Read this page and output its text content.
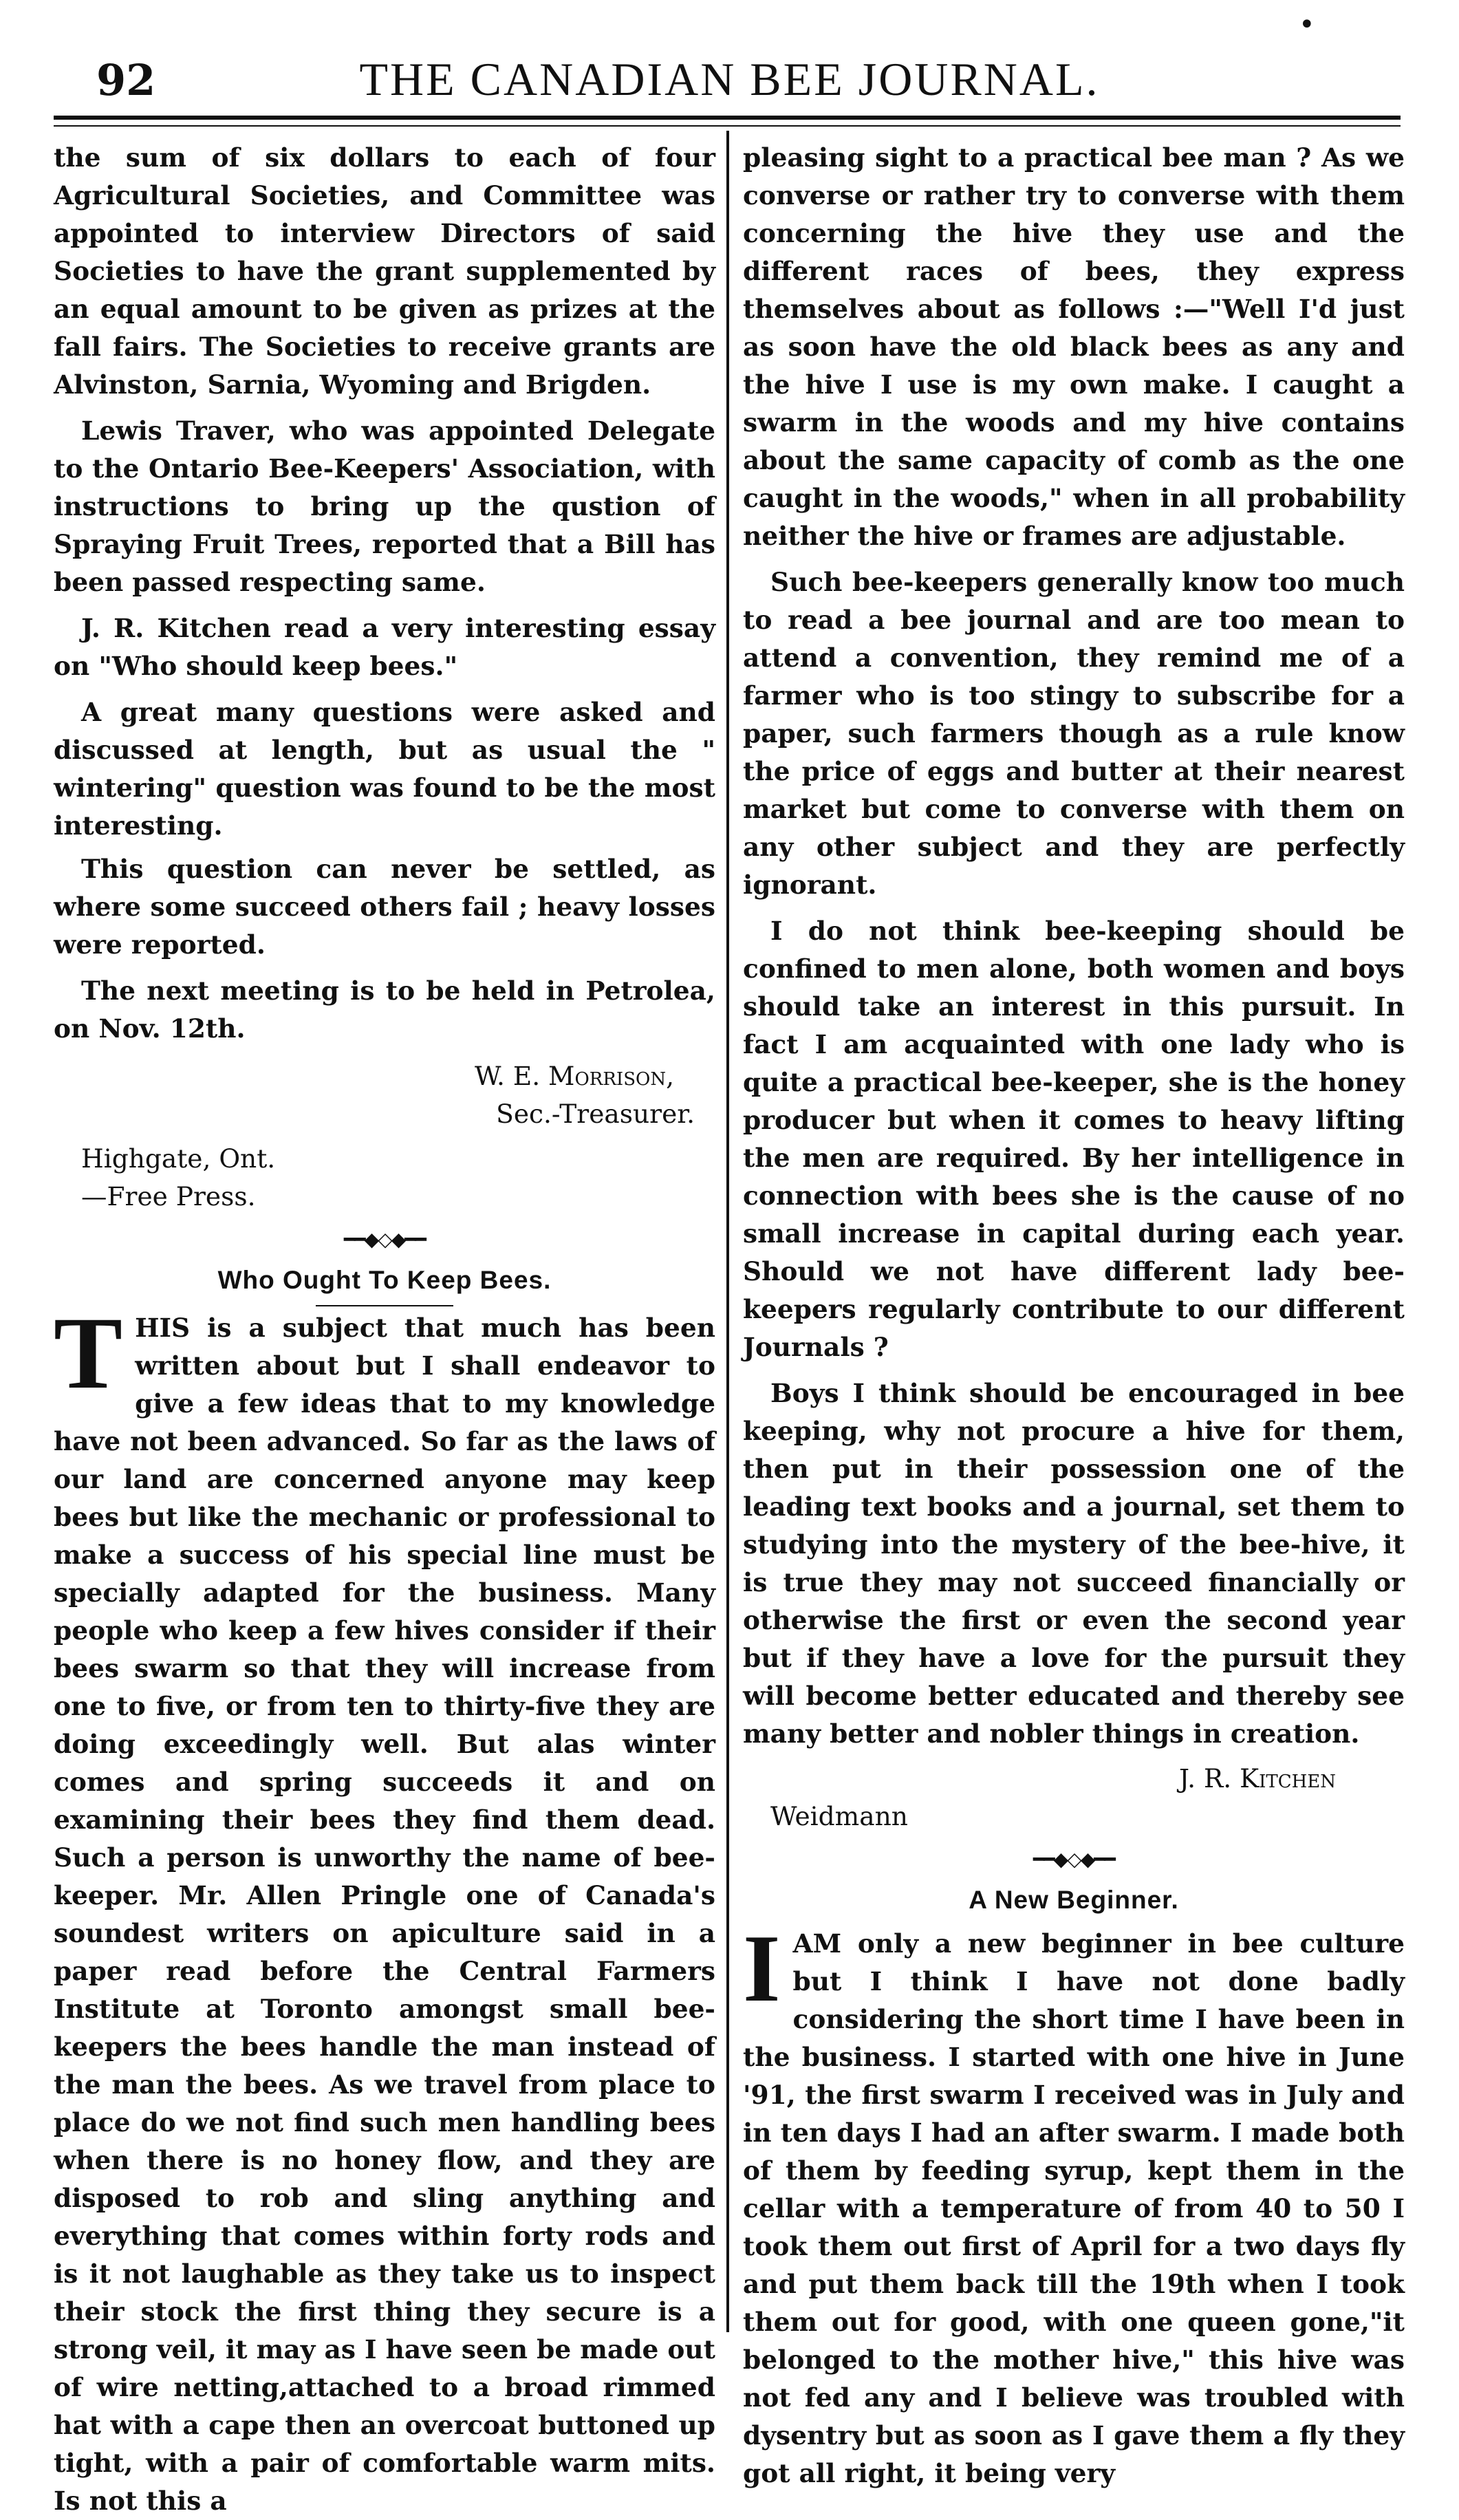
•
92	THE CANADIAN BEE JOURNAL.

the sum of six dollars to each of four Agricultural Societies, and Committee was appointed to interview Directors of said Societies to have the grant supplemented by an equal amount to be given as prizes at the fall fairs. The Societies to receive grants are Alvinston, Sarnia, Wyoming and Brigden.

Lewis Traver, who was appointed Delegate to the Ontario Bee-Keepers' Association, with instructions to bring up the qustion of Spraying Fruit Trees, reported that a Bill has been passed respecting same.

J. R. Kitchen read a very interesting essay on "Who should keep bees."

A great many questions were asked and discussed at length, but as usual the " wintering" question was found to be the most interesting.

This question can never be settled, as where some succeed others fail ; heavy losses were reported.

The next meeting is to be held in Petrolea, on Nov. 12th.

W. E. Morrison,
Sec.-Treasurer.
Highgate, Ont.
—Free Press.
━━◆◇◆━━
Who Ought To Keep Bees.

THIS is a subject that much has been written about but I shall endeavor to give a few ideas that to my knowledge have not been advanced. So far as the laws of our land are concerned anyone may keep bees but like the mechanic or professional to make a success of his special line must be specially adapted for the business. Many people who keep a few hives consider if their bees swarm so that they will increase from one to five, or from ten to thirty-five they are doing exceedingly well. But alas winter comes and spring succeeds it and on examining their bees they find them dead. Such a person is unworthy the name of bee-keeper. Mr. Allen Pringle one of Canada's soundest writers on apiculture said in a paper read before the Central Farmers Institute at Toronto amongst small bee-keepers the bees handle the man instead of the man the bees. As we travel from place to place do we not find such men handling bees when there is no honey flow, and they are disposed to rob and sling anything and everything that comes within forty rods and is it not laughable as they take us to inspect their stock the first thing they secure is a strong veil, it may as I have seen be made out of wire netting,attached to a broad rimmed hat with a cape then an overcoat buttoned up tight, with a pair of comfortable warm mits. Is not this a

pleasing sight to a practical bee man ? As we converse or rather try to converse with them concerning the hive they use and the different races of bees, they express themselves about as follows :—"Well I'd just as soon have the old black bees as any and the hive I use is my own make. I caught a swarm in the woods and my hive contains about the same capacity of comb as the one caught in the woods," when in all probability neither the hive or frames are adjustable.

Such bee-keepers generally know too much to read a bee journal and are too mean to attend a convention, they remind me of a farmer who is too stingy to subscribe for a paper, such farmers though as a rule know the price of eggs and butter at their nearest market but come to converse with them on any other subject and they are perfectly ignorant.

I do not think bee-keeping should be confined to men alone, both women and boys should take an interest in this pursuit. In fact I am acquainted with one lady who is quite a practical bee-keeper, she is the honey producer but when it comes to heavy lifting the men are required. By her intelligence in connection with bees she is the cause of no small increase in capital during each year. Should we not have different lady bee-keepers regularly contribute to our different Journals ?

Boys I think should be encouraged in bee keeping, why not procure a hive for them, then put in their possession one of the leading text books and a journal, set them to studying into the mystery of the bee-hive, it is true they may not succeed financially or otherwise the first or even the second year but if they have a love for the pursuit they will become better educated and thereby see many better and nobler things in creation.

J. R. Kitchen
Weidmann
━━◆◇◆━━
A New Beginner.

IAM only a new beginner in bee culture but I think I have not done badly considering the short time I have been in the business. I started with one hive in June '91, the first swarm I received was in July and in ten days I had an after swarm. I made both of them by feeding syrup, kept them in the cellar with a temperature of from 40 to 50 I took them out first of April for a two days fly and put them back till the 19th when I took them out for good, with one queen gone,"it belonged to the mother hive," this hive was not fed any and I believe was troubled with dysentry but as soon as I gave them a fly they got all right, it being very
